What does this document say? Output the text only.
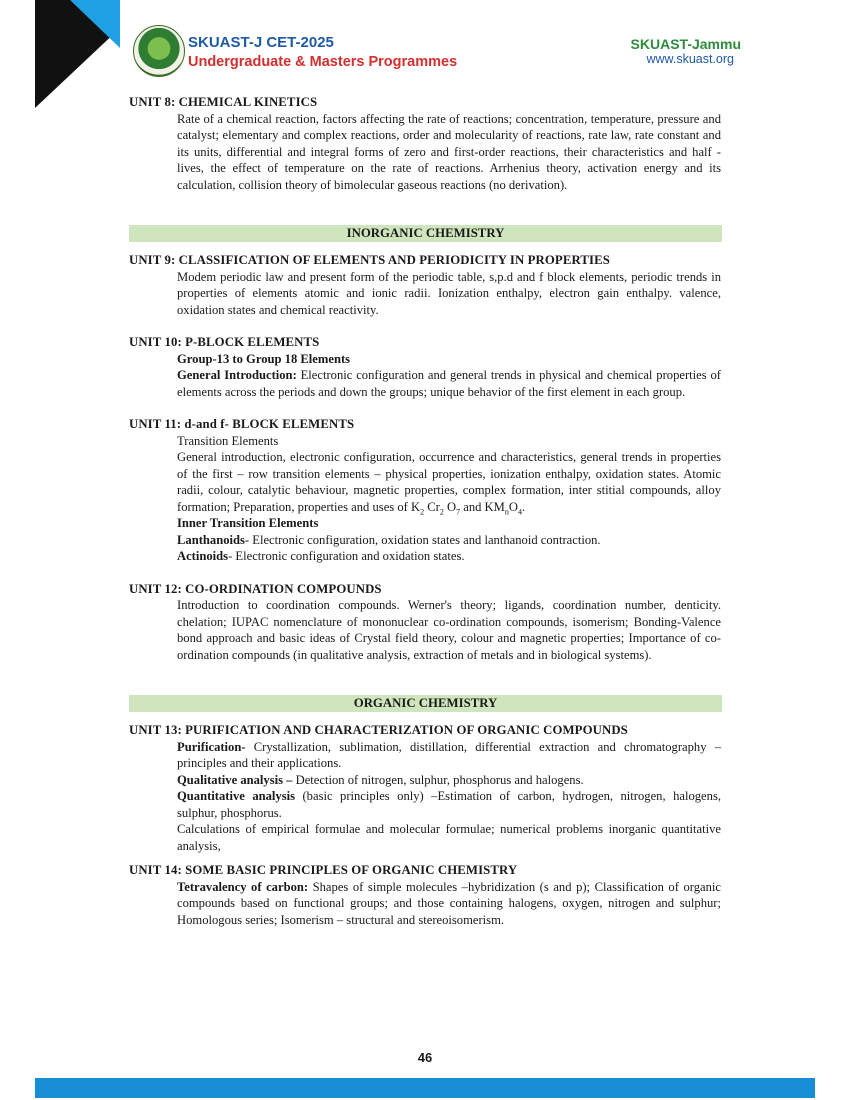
SKUAST-J CET-2025
Undergraduate & Masters Programmes
SKUAST-Jammu
www.skuast.org
UNIT 8: CHEMICAL KINETICS
Rate of a chemical reaction, factors affecting the rate of reactions; concentration, temperature, pressure and catalyst; elementary and complex reactions, order and molecularity of reactions, rate law, rate constant and its units, differential and integral forms of zero and first-order reactions, their characteristics and half - lives, the effect of temperature on the rate of reactions. Arrhenius theory, activation energy and its calculation, collision theory of bimolecular gaseous reactions (no derivation).
INORGANIC CHEMISTRY
UNIT 9: CLASSIFICATION OF ELEMENTS AND PERIODICITY IN PROPERTIES
Modem periodic law and present form of the periodic table, s,p.d and f block elements, periodic trends in properties of elements atomic and ionic radii. Ionization enthalpy, electron gain enthalpy. valence, oxidation states and chemical reactivity.
UNIT 10: P-BLOCK ELEMENTS
Group-13 to Group 18 Elements
General Introduction: Electronic configuration and general trends in physical and chemical properties of elements across the periods and down the groups; unique behavior of the first element in each group.
UNIT 11: d-and f- BLOCK ELEMENTS
Transition Elements
General introduction, electronic configuration, occurrence and characteristics, general trends in properties of the first – row transition elements – physical properties, ionization enthalpy, oxidation states. Atomic radii, colour, catalytic behaviour, magnetic properties, complex formation, inter stitial compounds, alloy formation; Preparation, properties and uses of $K_2$ $Cr_2$ $O_7$ and $KM_nO_4$.
Inner Transition Elements
Lanthanoids- Electronic configuration, oxidation states and lanthanoid contraction.
Actinoids- Electronic configuration and oxidation states.
UNIT 12: CO-ORDINATION COMPOUNDS
Introduction to coordination compounds. Werner's theory; ligands, coordination number, denticity. chelation; IUPAC nomenclature of mononuclear co-ordination compounds, isomerism; Bonding-Valence bond approach and basic ideas of Crystal field theory, colour and magnetic properties; Importance of co-ordination compounds (in qualitative analysis, extraction of metals and in biological systems).
ORGANIC CHEMISTRY
UNIT 13: PURIFICATION AND CHARACTERIZATION OF ORGANIC COMPOUNDS
Purification- Crystallization, sublimation, distillation, differential extraction and chromatography – principles and their applications.
Qualitative analysis – Detection of nitrogen, sulphur, phosphorus and halogens.
Quantitative analysis (basic principles only) –Estimation of carbon, hydrogen, nitrogen, halogens, sulphur, phosphorus.
Calculations of empirical formulae and molecular formulae; numerical problems inorganic quantitative analysis,
UNIT 14: SOME BASIC PRINCIPLES OF ORGANIC CHEMISTRY
Tetravalency of carbon: Shapes of simple molecules –hybridization (s and p); Classification of organic compounds based on functional groups; and those containing halogens, oxygen, nitrogen and sulphur; Homologous series; Isomerism – structural and stereoisomerism.
46
